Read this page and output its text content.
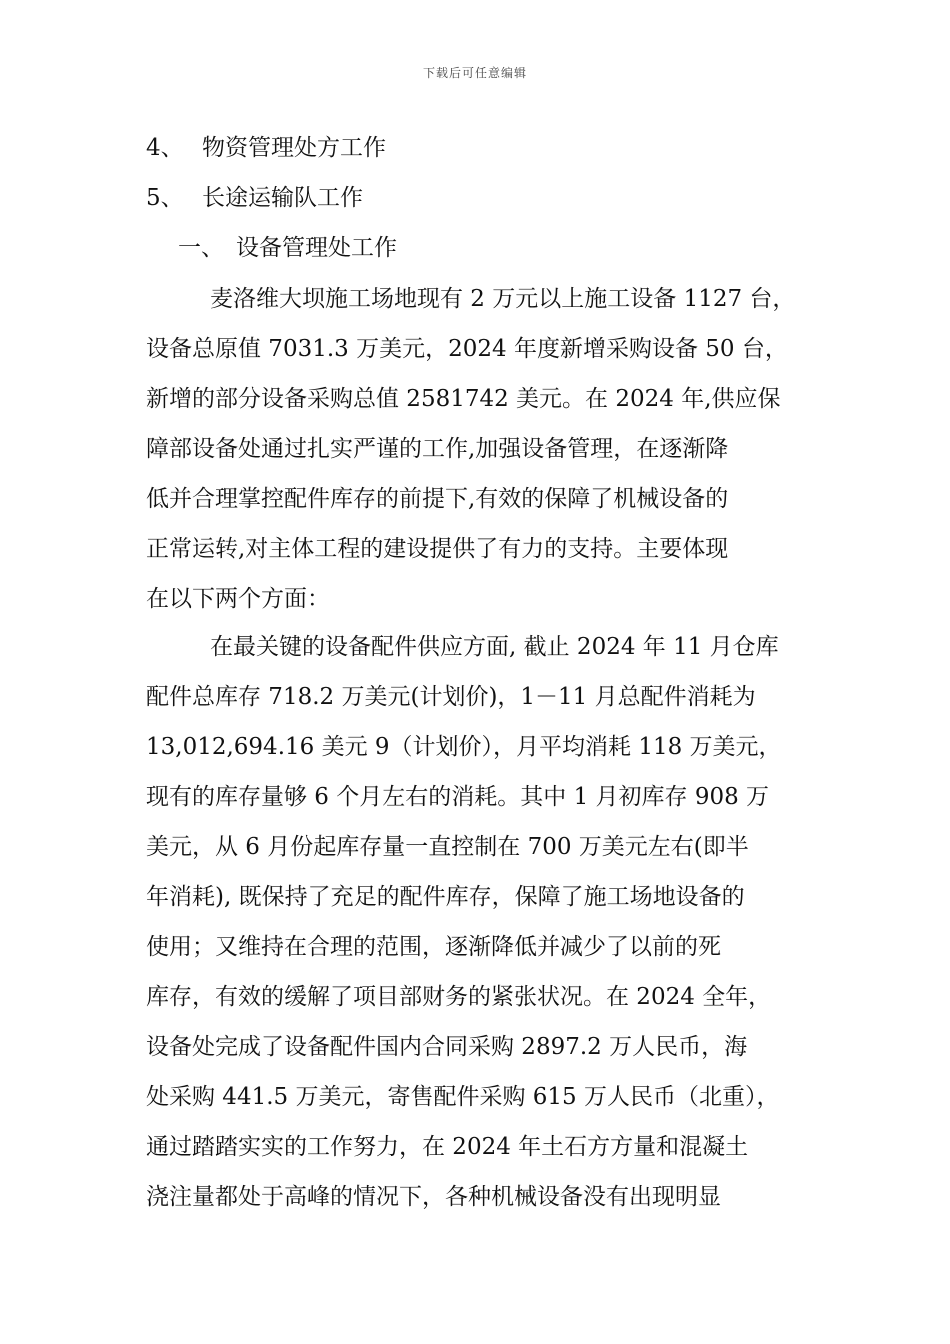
下载后可任意编辑
4、 物资管理处方工作
5、 长途运输队工作
一、 设备管理处工作
麦洛维大坝施工场地现有 2 万元以上施工设备 1127 台，
设备总原值 7031.3 万美元，2024 年度新增采购设备 50 台，
新增的部分设备采购总值 2581742 美元。在 2024 年,供应保
障部设备处通过扎实严谨的工作,加强设备管理，在逐渐降
低并合理掌控配件库存的前提下,有效的保障了机械设备的
正常运转,对主体工程的建设提供了有力的支持。主要体现
在以下两个方面：
在最关键的设备配件供应方面, 截止 2024 年 11 月仓库
配件总库存 718.2 万美元(计划价)，1－11 月总配件消耗为
13,012,694.16 美元 9（计划价），月平均消耗 118 万美元，
现有的库存量够 6 个月左右的消耗。其中 1 月初库存 908 万
美元，从 6 月份起库存量一直控制在 700 万美元左右(即半
年消耗), 既保持了充足的配件库存，保障了施工场地设备的
使用；又维持在合理的范围，逐渐降低并减少了以前的死
库存，有效的缓解了项目部财务的紧张状况。在 2024 全年，
设备处完成了设备配件国内合同采购 2897.2 万人民币，海
处采购 441.5 万美元，寄售配件采购 615 万人民币（北重），
通过踏踏实实的工作努力，在 2024 年土石方方量和混凝土
浇注量都处于高峰的情况下，各种机械设备没有出现明显
